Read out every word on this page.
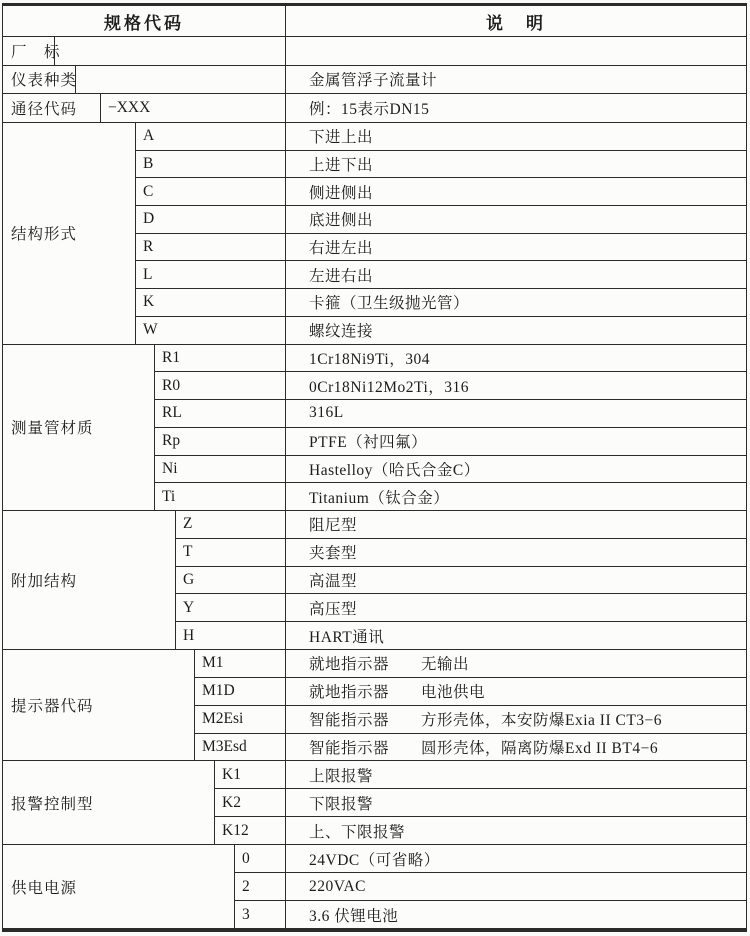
规格代码	说　明
厂　标
仪表种类	金属管浮子流量计
通径代码	−XXX	例：15表示DN15
结构形式
A	下进上出
B	上进下出
C	侧进侧出
D	底进侧出
R	右进左出
L	左进右出
K	卡箍（卫生级抛光管）
W	螺纹连接
测量管材质
R1	1Cr18Ni9Ti，304
R0	0Cr18Ni12Mo2Ti，316
RL	316L
Rp	PTFE（衬四氟）
Ni	Hastelloy（哈氏合金C）
Ti	Titanium（钛合金）
附加结构
Z	阻尼型
T	夹套型
G	高温型
Y	高压型
H	HART通讯
提示器代码
M1	就地指示器	无输出
M1D	就地指示器	电池供电
M2Esi	智能指示器	方形壳体，本安防爆Exia II CT3−6
M3Esd	智能指示器	圆形壳体，隔离防爆Exd II BT4−6
报警控制型
K1	上限报警
K2	下限报警
K12	上、下限报警
供电电源
0	24VDC（可省略）
2	220VAC
3	3.6 伏锂电池
